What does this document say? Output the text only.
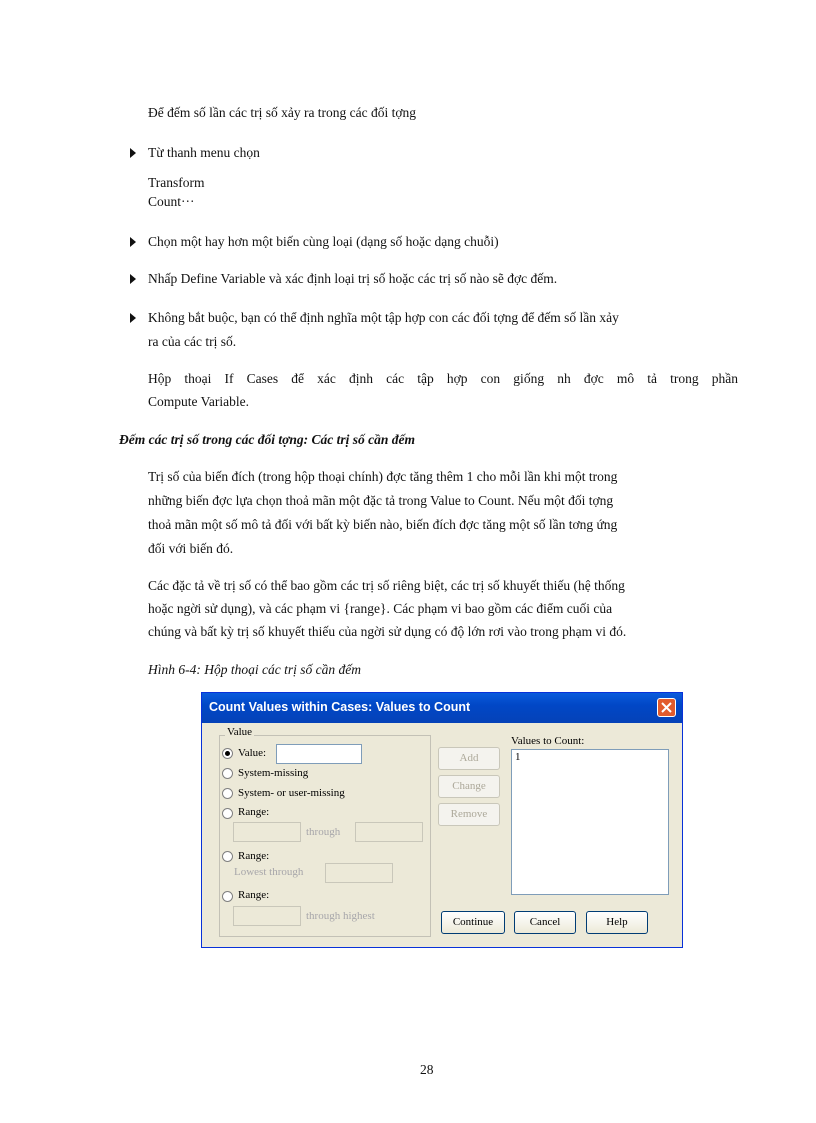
Để đếm số lần các trị số xảy ra trong các đối tợng
Từ thanh menu chọn
Transform
Count···
Chọn một hay hơn một biến cùng loại (dạng số hoặc dạng chuỗi)
Nhấp Define Variable và xác định loại trị số hoặc các trị số nào sẽ đợc đếm.
Không bắt buộc, bạn có thể định nghĩa một tập hợp con các đối tợng để đếm số lần xảy
ra của các trị số.
Hộp thoại If Cases để xác định các tập hợp con giống nh đợc mô tả trong phần
Compute Variable.
Đếm các trị số trong các đối tợng: Các trị số cần đếm
Trị số của biến đích (trong hộp thoại chính) đợc tăng thêm 1 cho mỗi lần khi một trong
những biến đợc lựa chọn thoả mãn một đặc tả trong Value to Count. Nếu một đối tợng
thoả mãn một số mô tả đối với bất kỳ biến nào, biến đích đợc tăng một số lần tơng ứng
đối với biến đó.
Các đặc tả về trị số có thể bao gồm các trị số riêng biệt, các trị số khuyết thiếu (hệ thống
hoặc ngời sử dụng), và các phạm vi {range}. Các phạm vi bao gồm các điểm cuối của
chúng và bất kỳ trị số khuyết thiếu của ngời sử dụng có độ lớn rơi vào trong phạm vi đó.
Hình 6-4: Hộp thoại các trị số cần đếm
Count Values within Cases: Values to Count
Value
Value:
System-missing
System- or user-missing
Range:
through
Range:
Lowest through
Range:
through highest
Add
Change
Remove
Values to Count:
1
Continue	Cancel	Help
28
